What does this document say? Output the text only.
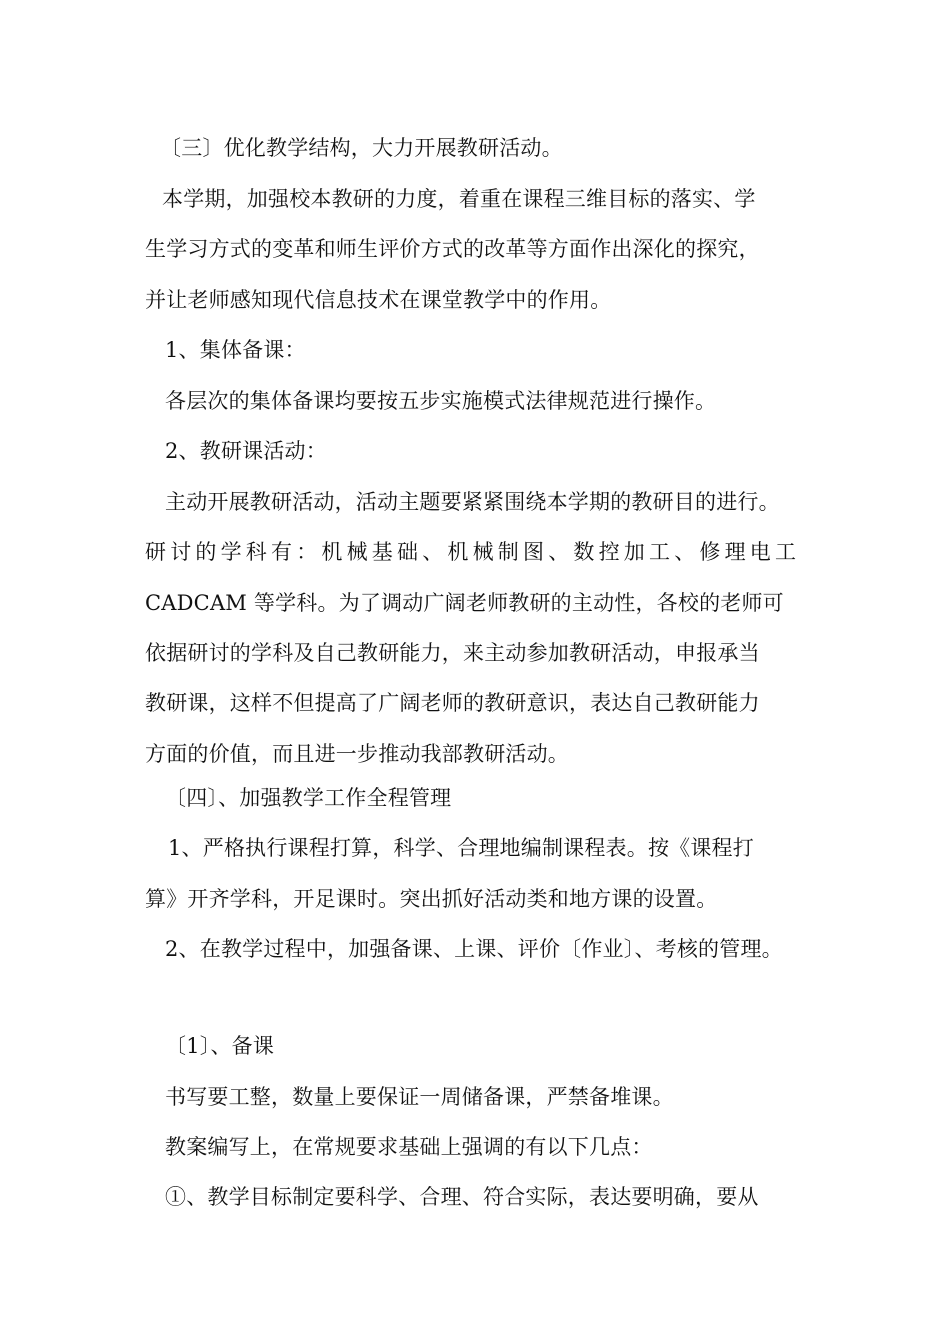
〔三〕优化教学结构，大力开展教研活动。
本学期，加强校本教研的力度，着重在课程三维目标的落实、学
生学习方式的变革和师生评价方式的改革等方面作出深化的探究，
并让老师感知现代信息技术在课堂教学中的作用。
1、集体备课：
各层次的集体备课均要按五步实施模式法律规范进行操作。
2、教研课活动：
主动开展教研活动，活动主题要紧紧围绕本学期的教研目的进行。
研讨的学科有：机械基础、机械制图、数控加工、修理电工
CADCAM 等学科。为了调动广阔老师教研的主动性，各校的老师可
依据研讨的学科及自己教研能力，来主动参加教研活动，申报承当
教研课，这样不但提高了广阔老师的教研意识，表达自己教研能力
方面的价值，而且进一步推动我部教研活动。
〔四〕、加强教学工作全程管理
1、严格执行课程打算，科学、合理地编制课程表。按《课程打
算》开齐学科，开足课时。突出抓好活动类和地方课的设置。
2、在教学过程中，加强备课、上课、评价〔作业〕、考核的管理。
〔1〕、备课
书写要工整，数量上要保证一周储备课，严禁备堆课。
教案编写上，在常规要求基础上强调的有以下几点：
①、教学目标制定要科学、合理、符合实际，表达要明确，要从
